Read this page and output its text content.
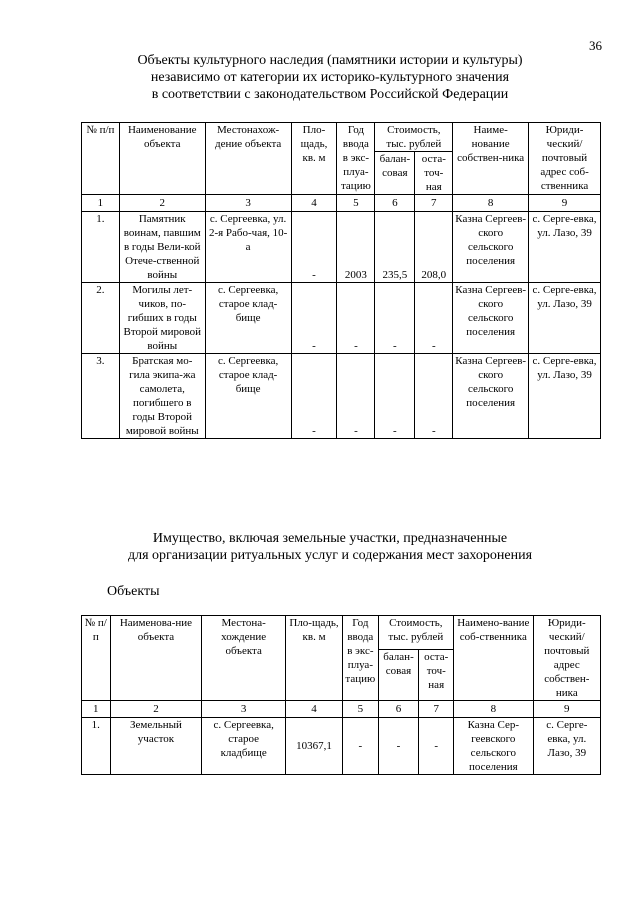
36
Объекты культурного наследия (памятники истории и культуры)
независимо от категории их историко-культурного значения
в соответствии с законодательством Российской Федерации
№ п/п	Наименование объекта	Местонахож-дение объекта	Пло-щадь, кв. м	Год ввода в экс-плуа-тацию	Стоимость, тыс. рублей		Наиме-нование собствен-ника	Юриди-ческий/ почтовый адрес соб-ственника
					балан-совая	оста-точ-ная		
1	2	3	4	5	6	7	8	9
1.	Памятник воинам, павшим в годы Вели-кой Отече-ственной войны	с. Сергеевка, ул. 2-я Рабо-чая, 10-а	-	2003	235,5	208,0	Казна Сергеев-ского сельского поселения	с. Серге-евка, ул. Лазо, 39
2.	Могилы лет-чиков, по-гибших в годы Второй мировой войны	с. Сергеевка, старое клад-бище	-	-	-	-	Казна Сергеев-ского сельского поселения	с. Серге-евка, ул. Лазо, 39
3.	Братская мо-гила экипа-жа самолета, погибшего в годы Второй мировой войны	с. Сергеевка, старое клад-бище	-	-	-	-	Казна Сергеев-ского сельского поселения	с. Серге-евка, ул. Лазо, 39
Имущество, включая земельные участки, предназначенные
для организации ритуальных услуг и содержания мест захоронения
Объекты
№ п/п	Наименова-ние объекта	Местона-хождение объекта	Пло-щадь, кв. м	Год ввода в экс-плуа-тацию	Стоимость, тыс. рублей		Наимено-вание соб-ственника	Юриди-ческий/ почтовый адрес собствен-ника
					балан-совая	оста-точ-ная		
1	2	3	4	5	6	7	8	9
1.	Земельный участок	с. Сергеевка, старое кладбище	10367,1	-	-	-	Казна Сер-геевского сельского поселения	с. Серге-евка, ул. Лазо, 39
